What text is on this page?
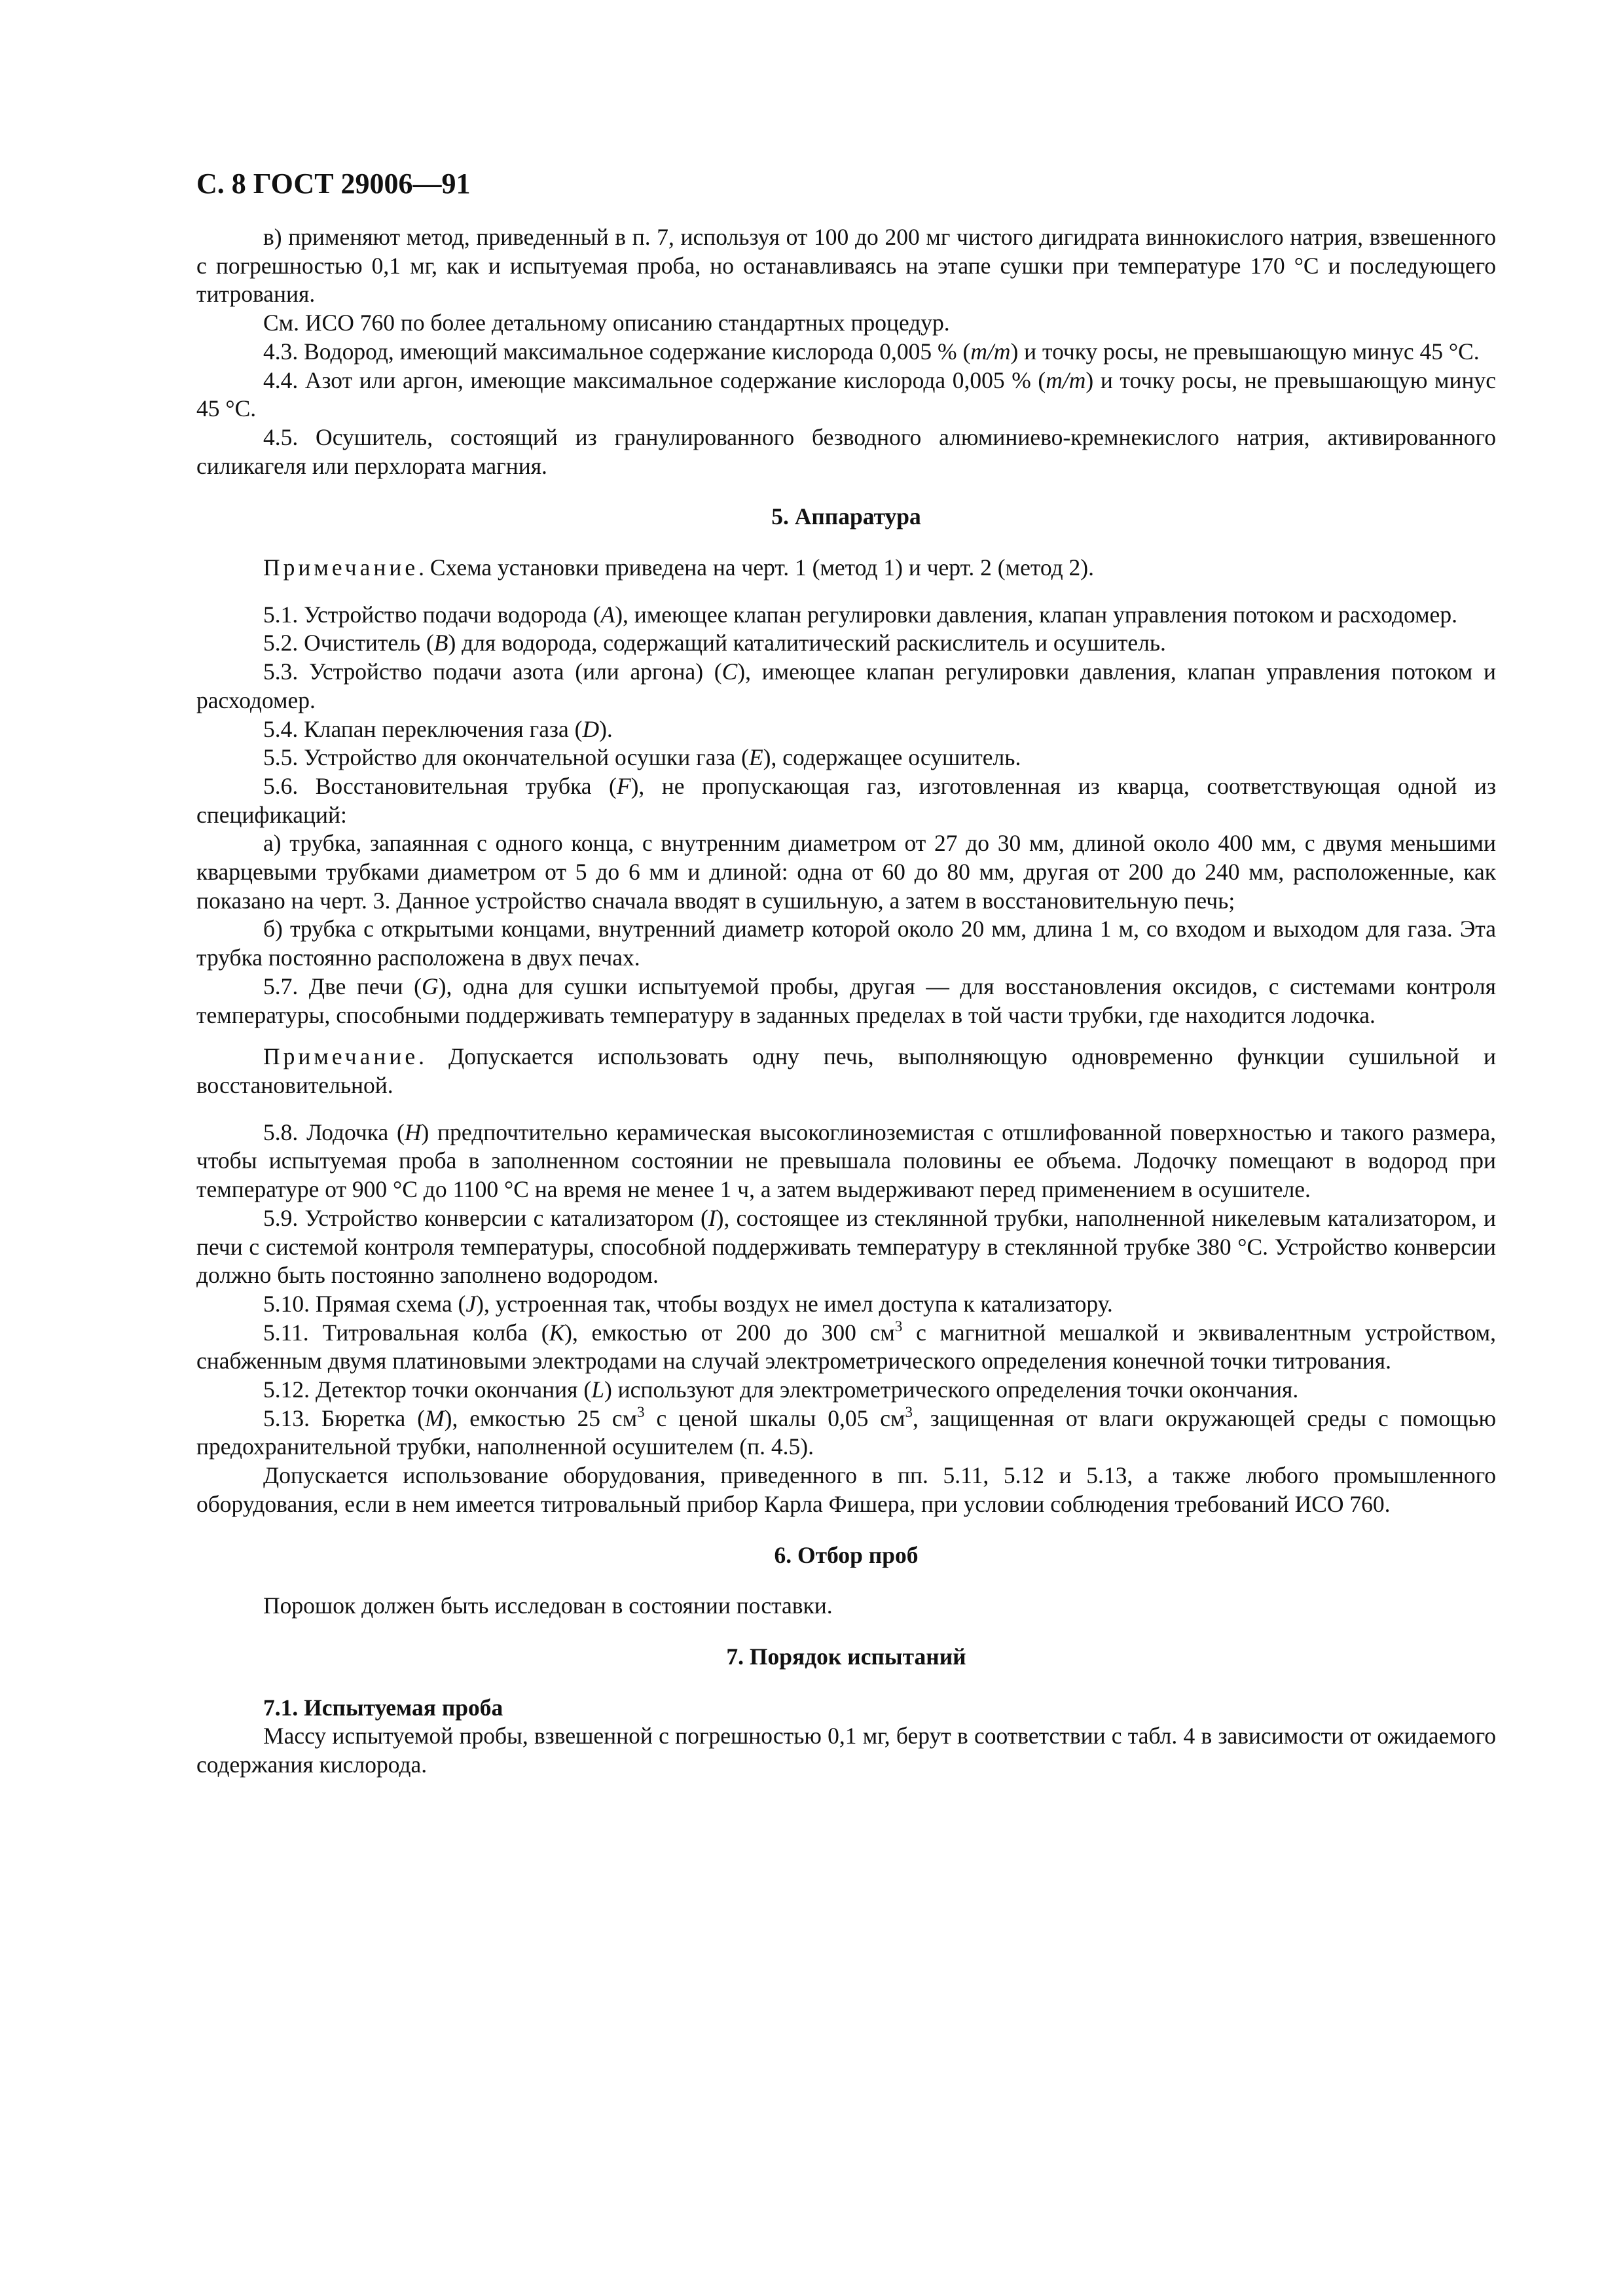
С. 8 ГОСТ 29006—91

в) применяют метод, приведенный в п. 7, используя от 100 до 200 мг чистого дигидрата виннокислого натрия, взвешенного с погрешностью 0,1 мг, как и испытуемая проба, но останавливаясь на этапе сушки при температуре 170 °С и последующего титрования.

См. ИСО 760 по более детальному описанию стандартных процедур.

4.3. Водород, имеющий максимальное содержание кислорода 0,005 % (m/m) и точку росы, не превышающую минус 45 °С.

4.4. Азот или аргон, имеющие максимальное содержание кислорода 0,005 % (m/m) и точку росы, не превышающую минус 45 °С.

4.5. Осушитель, состоящий из гранулированного безводного алюминиево-кремнекислого натрия, активированного силикагеля или перхлората магния.

5. Аппаратура

Примечание. Схема установки приведена на черт. 1 (метод 1) и черт. 2 (метод 2).

5.1. Устройство подачи водорода (А), имеющее клапан регулировки давления, клапан управления потоком и расходомер.

5.2. Очиститель (В) для водорода, содержащий каталитический раскислитель и осушитель.

5.3. Устройство подачи азота (или аргона) (С), имеющее клапан регулировки давления, клапан управления потоком и расходомер.

5.4. Клапан переключения газа (D).

5.5. Устройство для окончательной осушки газа (Е), содержащее осушитель.

5.6. Восстановительная трубка (F), не пропускающая газ, изготовленная из кварца, соответствующая одной из спецификаций:

а) трубка, запаянная с одного конца, с внутренним диаметром от 27 до 30 мм, длиной около 400 мм, с двумя меньшими кварцевыми трубками диаметром от 5 до 6 мм и длиной: одна от 60 до 80 мм, другая от 200 до 240 мм, расположенные, как показано на черт. 3. Данное устройство сначала вводят в сушильную, а затем в восстановительную печь;

б) трубка с открытыми концами, внутренний диаметр которой около 20 мм, длина 1 м, со входом и выходом для газа. Эта трубка постоянно расположена в двух печах.

5.7. Две печи (G), одна для сушки испытуемой пробы, другая — для восстановления оксидов, с системами контроля температуры, способными поддерживать температуру в заданных пределах в той части трубки, где находится лодочка.

Примечание. Допускается использовать одну печь, выполняющую одновременно функции сушильной и восстановительной.

5.8. Лодочка (Н) предпочтительно керамическая высокоглиноземистая с отшлифованной поверхностью и такого размера, чтобы испытуемая проба в заполненном состоянии не превышала половины ее объема. Лодочку помещают в водород при температуре от 900 °С до 1100 °С на время не менее 1 ч, а затем выдерживают перед применением в осушителе.

5.9. Устройство конверсии с катализатором (I), состоящее из стеклянной трубки, наполненной никелевым катализатором, и печи с системой контроля температуры, способной поддерживать температуру в стеклянной трубке 380 °С. Устройство конверсии должно быть постоянно заполнено водородом.

5.10. Прямая схема (J), устроенная так, чтобы воздух не имел доступа к катализатору.

5.11. Титровальная колба (К), емкостью от 200 до 300 $см^3$ с магнитной мешалкой и эквивалентным устройством, снабженным двумя платиновыми электродами на случай электрометрического определения конечной точки титрования.

5.12. Детектор точки окончания (L) используют для электрометрического определения точки окончания.

5.13. Бюретка (М), емкостью 25 $см^3$ с ценой шкалы 0,05 $см^3$, защищенная от влаги окружающей среды с помощью предохранительной трубки, наполненной осушителем (п. 4.5).

Допускается использование оборудования, приведенного в пп. 5.11, 5.12 и 5.13, а также любого промышленного оборудования, если в нем имеется титровальный прибор Карла Фишера, при условии соблюдения требований ИСО 760.

6. Отбор проб

Порошок должен быть исследован в состоянии поставки.

7. Порядок испытаний

7.1. Испытуемая проба

Массу испытуемой пробы, взвешенной с погрешностью 0,1 мг, берут в соответствии с табл. 4 в зависимости от ожидаемого содержания кислорода.
